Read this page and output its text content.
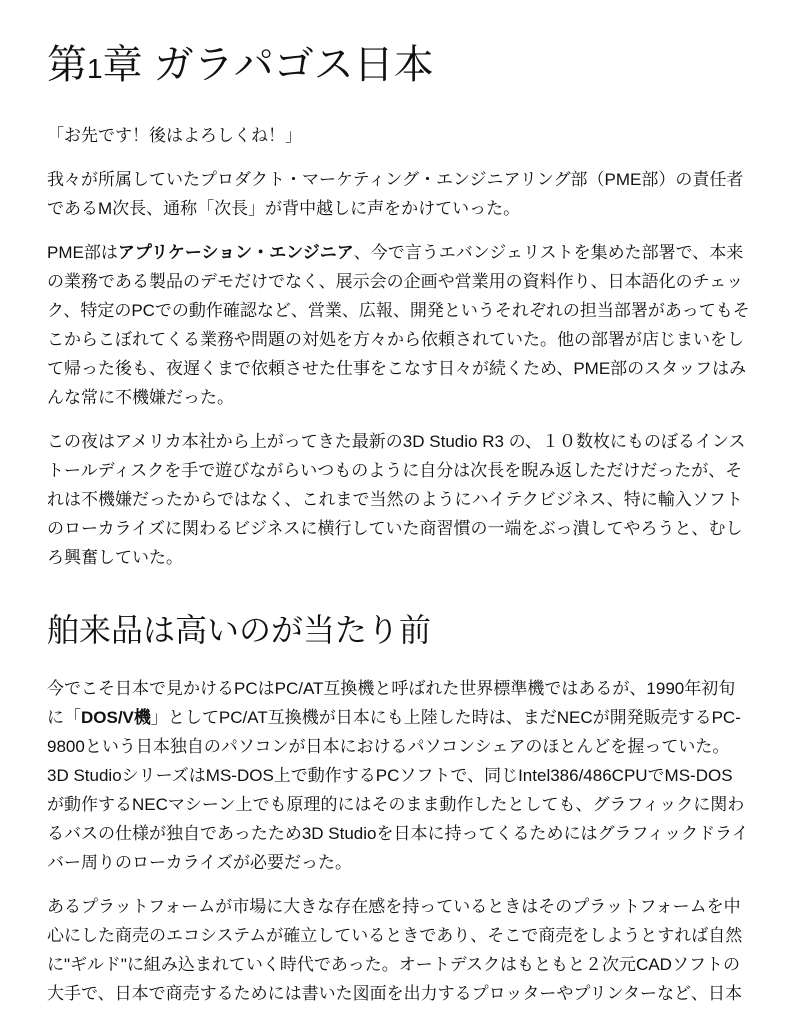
第1章 ガラパゴス日本

「お先です！後はよろしくね！」

我々が所属していたプロダクト・マーケティング・エンジニアリング部（PME部）の責任者
であるM次長、通称「次長」が背中越しに声をかけていった。

PME部はアプリケーション・エンジニア、今で言うエバンジェリストを集めた部署で、本来
の業務である製品のデモだけでなく、展示会の企画や営業用の資料作り、日本語化のチェッ
ク、特定のPCでの動作確認など、営業、広報、開発というそれぞれの担当部署があってもそ
こからこぼれてくる業務や問題の対処を方々から依頼されていた。他の部署が店じまいをし
て帰った後も、夜遅くまで依頼させた仕事をこなす日々が続くため、PME部のスタッフはみ
んな常に不機嫌だった。

この夜はアメリカ本社から上がってきた最新の3D Studio R3 の、１０数枚にものぼるインス
トールディスクを手で遊びながらいつものように自分は次長を睨み返しただけだったが、そ
れは不機嫌だったからではなく、これまで当然のようにハイテクビジネス、特に輸入ソフト
のローカライズに関わるビジネスに横行していた商習慣の一端をぶっ潰してやろうと、むし
ろ興奮していた。

舶来品は高いのが当たり前

今でこそ日本で見かけるPCはPC/AT互換機と呼ばれた世界標準機ではあるが、1990年初旬
に「DOS/V機」としてPC/AT互換機が日本にも上陸した時は、まだNECが開発販売するPC-
9800という日本独自のパソコンが日本におけるパソコンシェアのほとんどを握っていた。
3D StudioシリーズはMS-DOS上で動作するPCソフトで、同じIntel386/486CPUでMS-DOS
が動作するNECマシーン上でも原理的にはそのまま動作したとしても、グラフィックに関わ
るバスの仕様が独自であったため3D Studioを日本に持ってくるためにはグラフィックドライ
バー周りのローカライズが必要だった。

あるプラットフォームが市場に大きな存在感を持っているときはそのプラットフォームを中
心にした商売のエコシステムが確立しているときであり、そこで商売をしようとすれば自然
に"ギルド"に組み込まれていく時代であった。オートデスクはもともと２次元CADソフトの
大手で、日本で商売するためには書いた図面を出力するプロッターやプリンターなど、日本
